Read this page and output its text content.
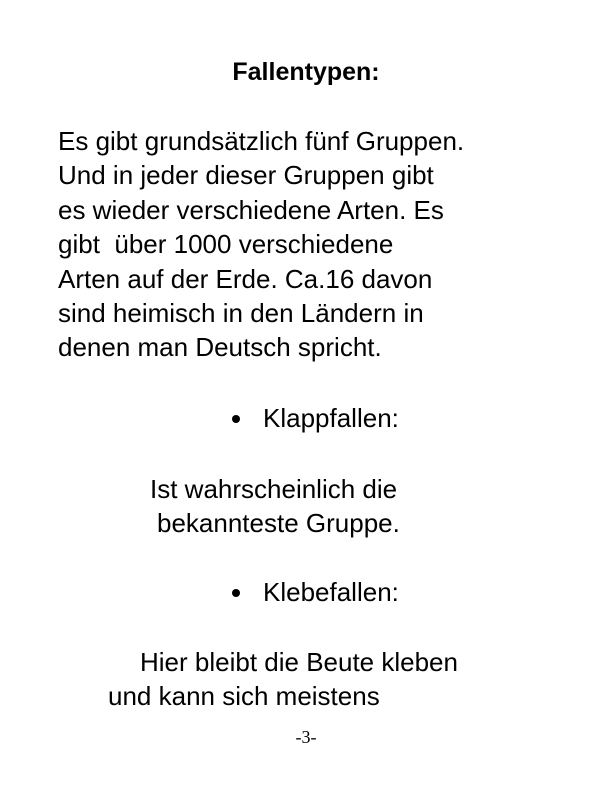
Fallentypen:

Es gibt grundsätzlich fünf Gruppen.
Und in jeder dieser Gruppen gibt
es wieder verschiedene Arten. Es
gibt  über 1000 verschiedene
Arten auf der Erde. Ca.16 davon
sind heimisch in den Ländern in
denen man Deutsch spricht.

Klappfallen:

Ist wahrscheinlich die
bekannteste Gruppe.

Klebefallen:

Hier bleibt die Beute kleben
und kann sich meistens

-3-
